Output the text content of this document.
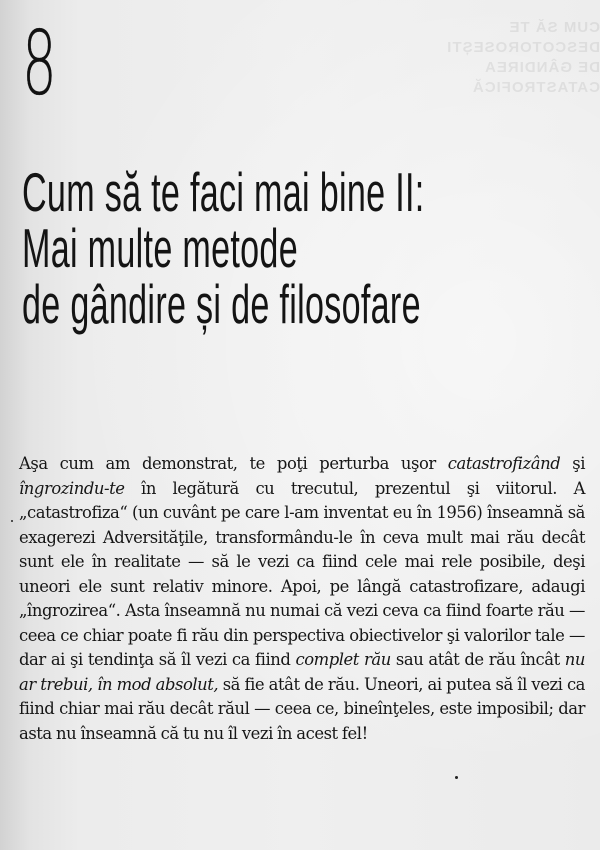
CUM SĂ TE DESCOTOROSEȘTI DE GÂNDIREA CATASTROFICĂ
8
Cum să te faci mai bine II:
Mai multe metode
de gândire și de filosofare

Aşa cum am demonstrat, te poţi perturba uşor catastrofizând şi îngrozindu-te în legătură cu trecutul, prezentul şi viitorul. A „catastrofiza“ (un cuvânt pe care l-am inventat eu în 1956) înseamnă să exagerezi Adversităţile, transformându-le în ceva mult mai rău decât sunt ele în realitate — să le vezi ca fiind cele mai rele posibile, deşi uneori ele sunt relativ minore. Apoi, pe lângă catastrofizare, adaugi „îngrozirea“. Asta înseamnă nu numai că vezi ceva ca fiind foarte rău — ceea ce chiar poate fi rău din perspectiva obiectivelor şi valorilor tale — dar ai şi tendinţa să îl vezi ca fiind complet rău sau atât de rău încât nu ar trebui, în mod absolut, să fie atât de rău. Uneori, ai putea să îl vezi ca fiind chiar mai rău decât răul — ceea ce, bineînţeles, este imposibil; dar asta nu înseamnă că tu nu îl vezi în acest fel!
